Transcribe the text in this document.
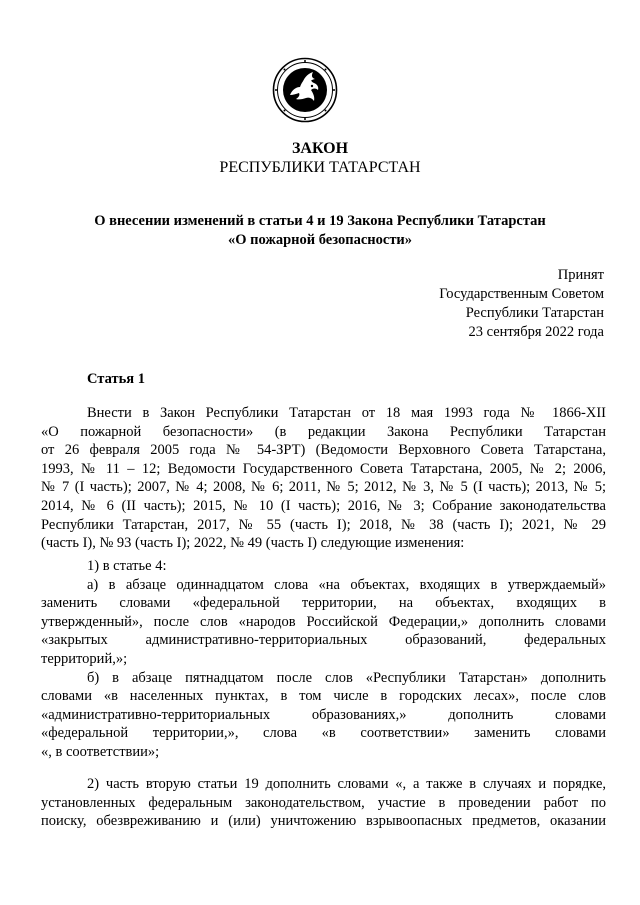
ЗАКОН
РЕСПУБЛИКИ ТАТАРСТАН
О внесении изменений в статьи 4 и 19 Закона Республики Татарстан
«О пожарной безопасности»
Принят
Государственным Советом
Республики Татарстан
23 сентября 2022 года
Статья 1
Внести в Закон Республики Татарстан от 18 мая 1993 года № 1866-XII
«О пожарной безопасности» (в редакции Закона Республики Татарстан
от 26 февраля 2005 года № 54-ЗРТ) (Ведомости Верховного Совета Татарстана,
1993, № 11 – 12; Ведомости Государственного Совета Татарстана, 2005, № 2; 2006,
№ 7 (I часть); 2007, № 4; 2008, № 6; 2011, № 5; 2012, № 3, № 5 (I часть); 2013, № 5;
2014, № 6 (II часть); 2015, № 10 (I часть); 2016, № 3; Собрание законодательства
Республики Татарстан, 2017, № 55 (часть I); 2018, № 38 (часть I); 2021, № 29
(часть I), № 93 (часть I); 2022, № 49 (часть I) следующие изменения:
1) в статье 4:
а) в абзаце одиннадцатом слова «на объектах, входящих в утверждаемый»
заменить словами «федеральной территории, на объектах, входящих в
утвержденный», после слов «народов Российской Федерации,» дополнить словами
«закрытых административно-территориальных образований, федеральных
территорий,»;
б) в абзаце пятнадцатом после слов «Республики Татарстан» дополнить
словами «в населенных пунктах, в том числе в городских лесах», после слов
«административно-территориальных образованиях,» дополнить словами
«федеральной территории,», слова «в соответствии» заменить словами
«, в соответствии»;
2) часть вторую статьи 19 дополнить словами «, а также в случаях и порядке,
установленных федеральным законодательством, участие в проведении работ по
поиску, обезвреживанию и (или) уничтожению взрывоопасных предметов, оказании
